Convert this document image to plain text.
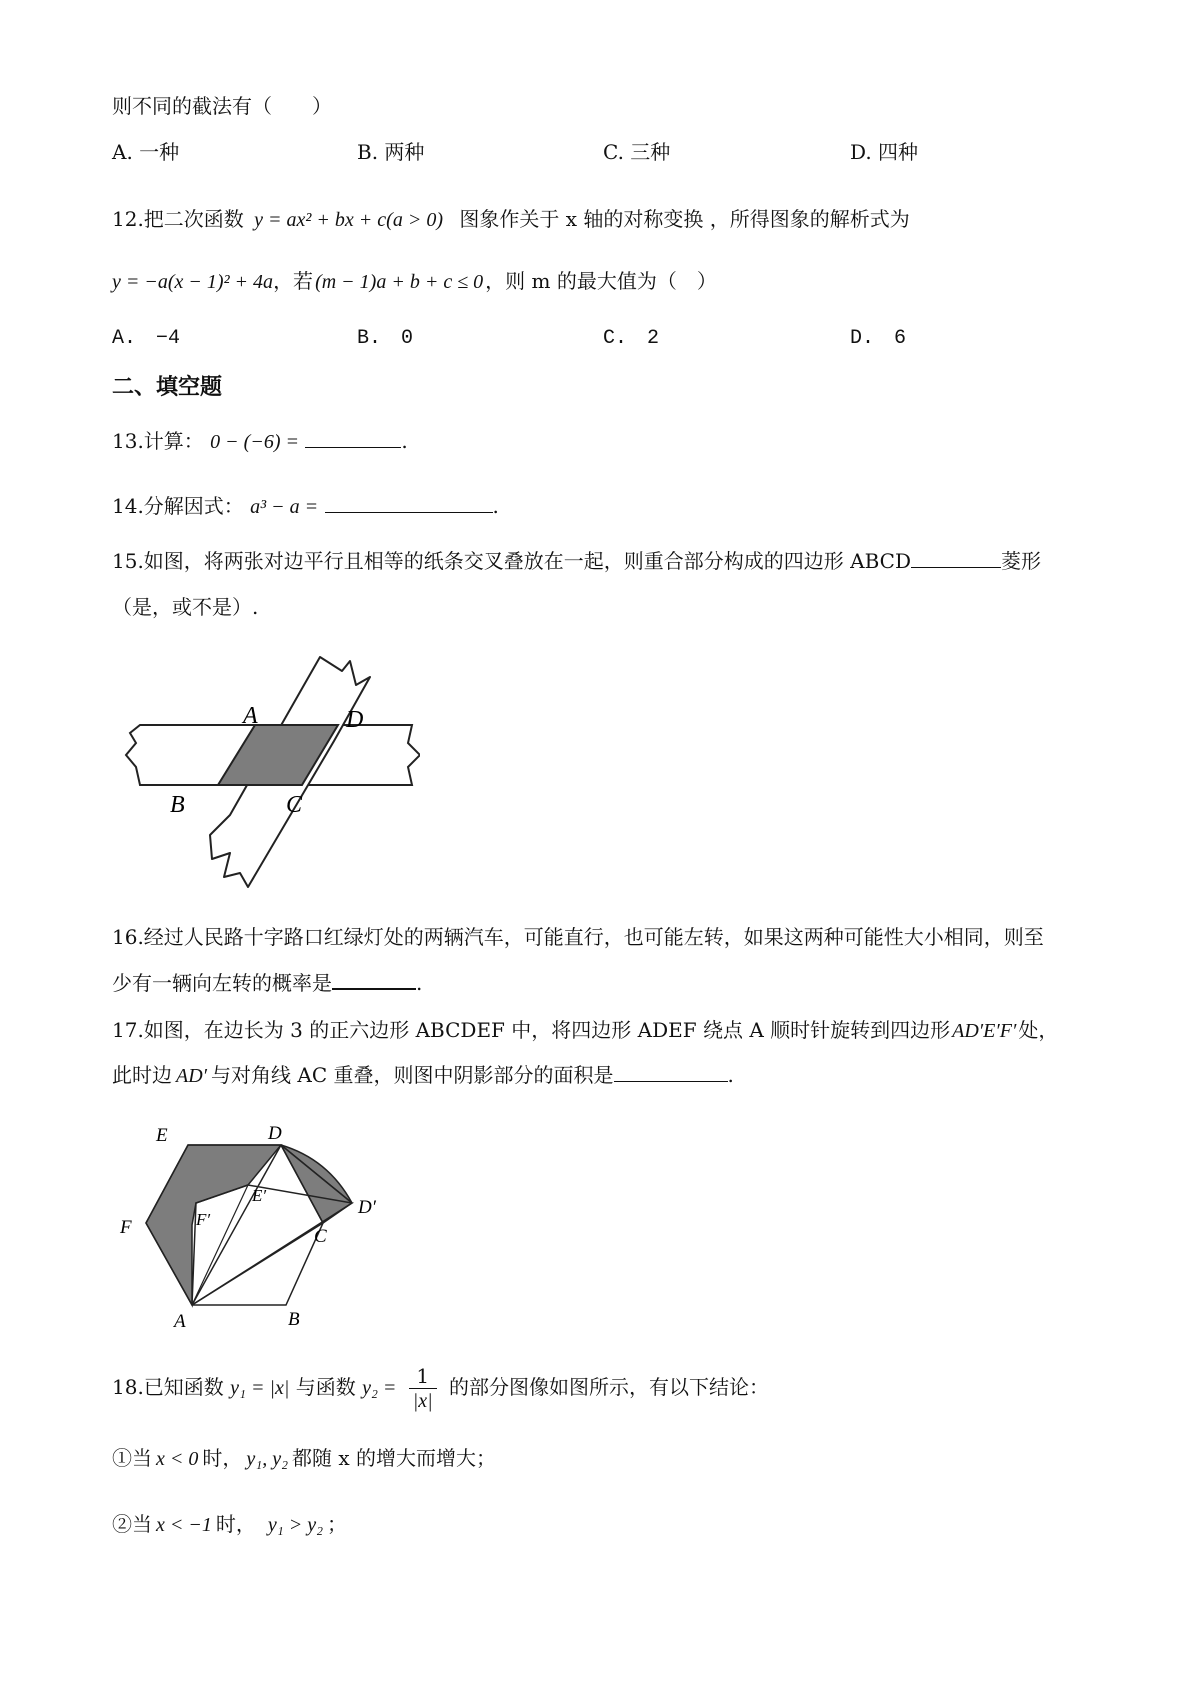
则不同的截法有（　　）
A. 一种	B. 两种	C. 三种	D. 四种
12.把二次函数 y = ax² + bx + c(a > 0) 图象作关于 x 轴的对称变换 ，所得图象的解析式为
y = −a(x − 1)² + 4a，若 (m − 1)a + b + c ≤ 0 ，则 m 的最大值为（　）
A.　−4	B.　0	C.　2	D.　6
二、填空题
13.计算： 0 − (−6) =	.
14.分解因式： a³ − a =	.
15.如图，将两张对边平行且相等的纸条交叉叠放在一起，则重合部分构成的四边形 ABCD	菱形
（是，或不是）.
A	D
B	C
16.经过人民路十字路口红绿灯处的两辆汽车，可能直行，也可能左转，如果这两种可能性大小相同，则至
少有一辆向左转的概率是	.
17.如图，在边长为 3 的正六边形 ABCDEF 中，将四边形 ADEF 绕点 A 顺时针旋转到四边形 AD′E′F′ 处，
此时边 AD′ 与对角线 AC 重叠，则图中阴影部分的面积是	.
E	D
E′
F	F′
D′
C
A	B
18.已知函数 y₁ = |x| 与函数 $y_2 = \frac{1}{|x|}$ 的部分图像如图所示，有以下结论：
①当 x < 0 时， y₁, y₂ 都随 x 的增大而增大；
②当 x < −1 时， y₁ > y₂ ；
